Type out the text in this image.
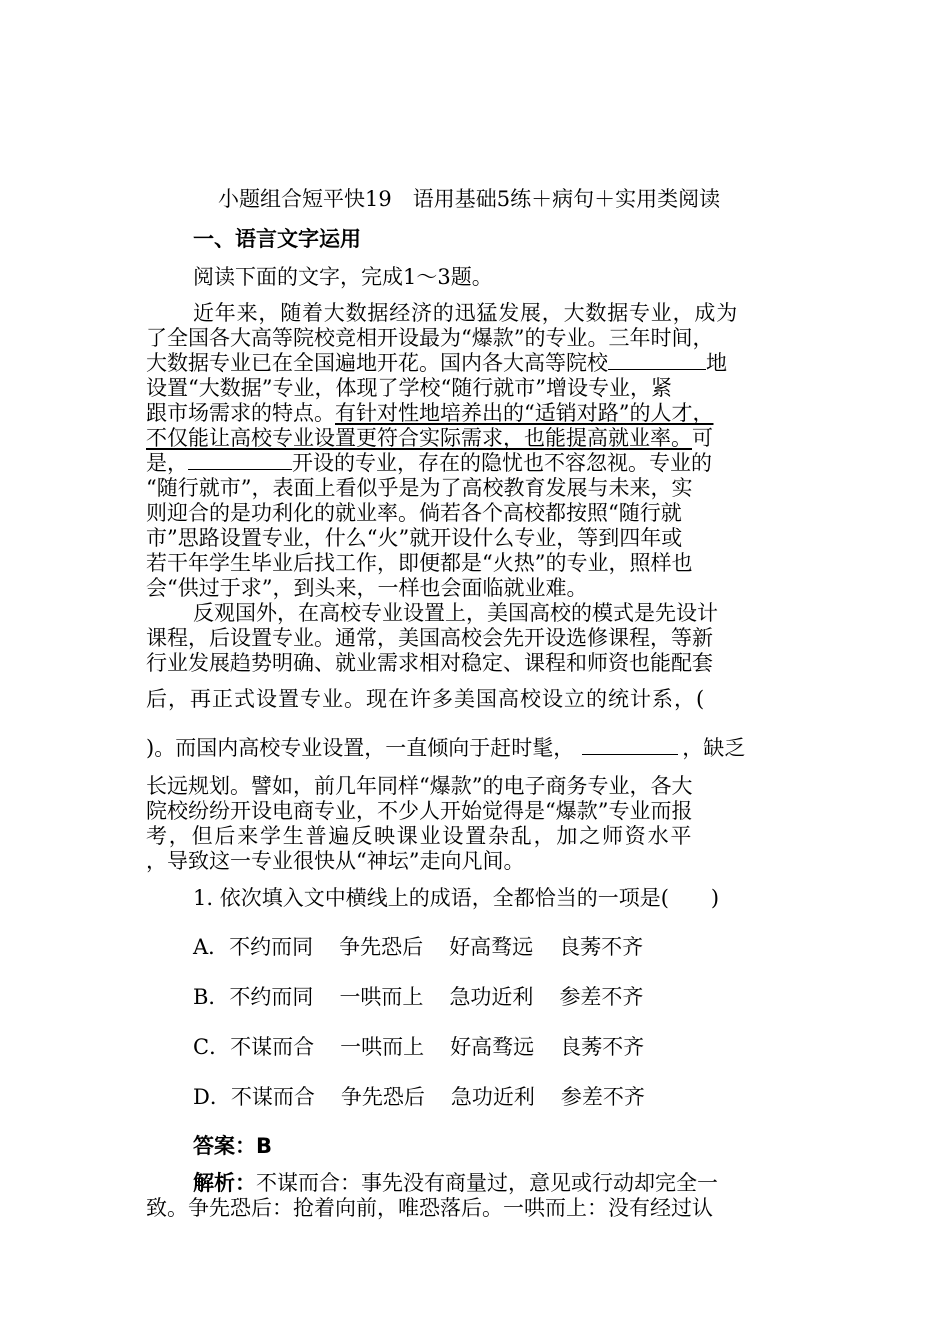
小题组合短平快19　语用基础5练＋病句＋实用类阅读
一、语言文字运用
阅读下面的文字，完成1～3题。
近年来，随着大数据经济的迅猛发展，大数据专业，成为
了全国各大高等院校竞相开设最为“爆款”的专业。三年时间，
大数据专业已在全国遍地开花。国内各大高等院校	地
设置“大数据”专业，体现了学校“随行就市”增设专业，紧
跟市场需求的特点。有针对性地培养出的“适销对路”的人才，
不仅能让高校专业设置更符合实际需求，也能提高就业率。可
是，	开设的专业，存在的隐忧也不容忽视。专业的
“随行就市”，表面上看似乎是为了高校教育发展与未来，实
则迎合的是功利化的就业率。倘若各个高校都按照“随行就
市”思路设置专业，什么“火”就开设什么专业，等到四年或
若干年学生毕业后找工作，即便都是“火热”的专业，照样也
会“供过于求”，到头来，一样也会面临就业难。
反观国外，在高校专业设置上，美国高校的模式是先设计
课程，后设置专业。通常，美国高校会先开设选修课程，等新
行业发展趋势明确、就业需求相对稳定、课程和师资也能配套
后，再正式设置专业。现在许多美国高校设立的统计系，(
)。而国内高校专业设置，一直倾向于赶时髦，	，缺乏
长远规划。譬如，前几年同样“爆款”的电子商务专业，各大
院校纷纷开设电商专业，不少人开始觉得是“爆款”专业而报
考，但后来学生普遍反映课业设置杂乱，加之师资水平
，导致这一专业很快从“神坛”走向凡间。
1. 依次填入文中横线上的成语，全都恰当的一项是(　　)
A．不约而同 争先恐后 好高骛远 良莠不齐
B．不约而同 一哄而上 急功近利 参差不齐
C．不谋而合 一哄而上 好高骛远 良莠不齐
D．不谋而合 争先恐后 急功近利 参差不齐
答案：B
解析：不谋而合：事先没有商量过，意见或行动却完全一
致。争先恐后：抢着向前，唯恐落后。一哄而上：没有经过认
